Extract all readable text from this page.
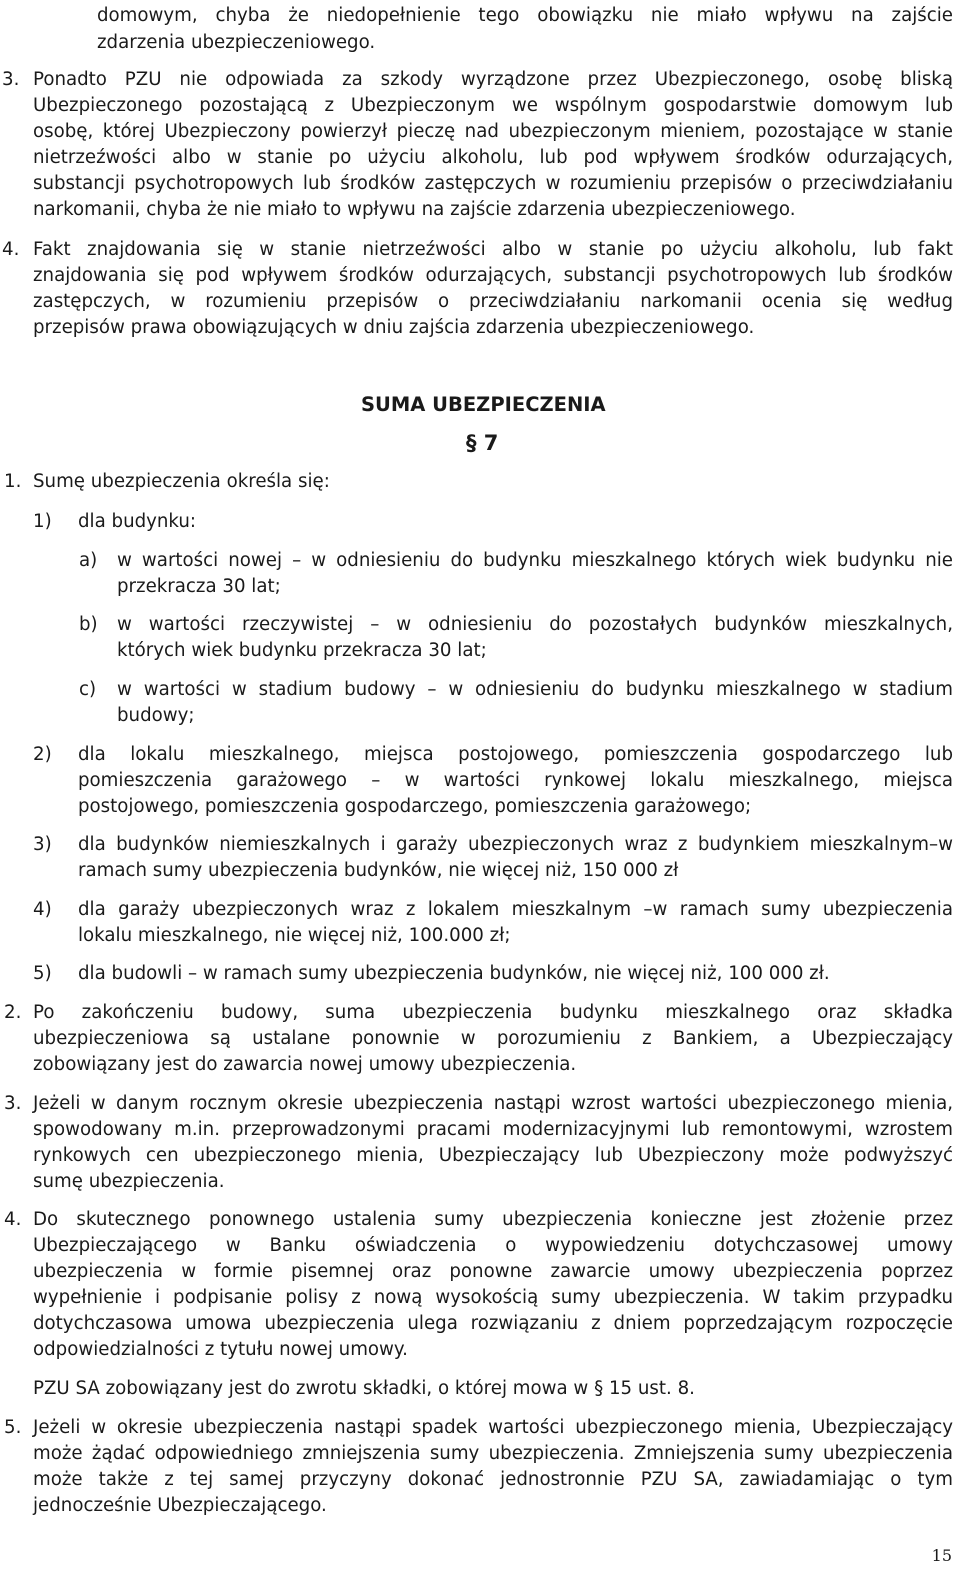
domowym, chyba że niedopełnienie tego obowiązku nie miało wpływu na zajście
zdarzenia ubezpieczeniowego.
3. Ponadto PZU nie odpowiada za szkody wyrządzone przez Ubezpieczonego, osobę bliską
Ubezpieczonego pozostającą z Ubezpieczonym we wspólnym gospodarstwie domowym lub
osobę, której Ubezpieczony powierzył pieczę nad ubezpieczonym mieniem, pozostające w stanie
nietrzeźwości albo w stanie po użyciu alkoholu, lub pod wpływem środków odurzających,
substancji psychotropowych lub środków zastępczych w rozumieniu przepisów o przeciwdziałaniu
narkomanii, chyba że nie miało to wpływu na zajście zdarzenia ubezpieczeniowego.
4. Fakt znajdowania się w stanie nietrzeźwości albo w stanie po użyciu alkoholu, lub fakt
znajdowania się pod wpływem środków odurzających, substancji psychotropowych lub środków
zastępczych, w rozumieniu przepisów o przeciwdziałaniu narkomanii ocenia się według
przepisów prawa obowiązujących w dniu zajścia zdarzenia ubezpieczeniowego.
SUMA UBEZPIECZENIA
§ 7
1. Sumę ubezpieczenia określa się:
1) dla budynku:
a) w wartości nowej – w odniesieniu do budynku mieszkalnego których wiek budynku nie
przekracza 30 lat;
b) w wartości rzeczywistej – w odniesieniu do pozostałych budynków mieszkalnych,
których wiek budynku przekracza 30 lat;
c) w wartości w stadium budowy – w odniesieniu do budynku mieszkalnego w stadium
budowy;
2) dla lokalu mieszkalnego, miejsca postojowego, pomieszczenia gospodarczego lub
pomieszczenia garażowego – w wartości rynkowej lokalu mieszkalnego, miejsca
postojowego, pomieszczenia gospodarczego, pomieszczenia garażowego;
3) dla budynków niemieszkalnych i garaży ubezpieczonych wraz z budynkiem mieszkalnym–w
ramach sumy ubezpieczenia budynków, nie więcej niż, 150 000 zł
4) dla garaży ubezpieczonych wraz z lokalem mieszkalnym –w ramach sumy ubezpieczenia
lokalu mieszkalnego, nie więcej niż, 100.000 zł;
5) dla budowli – w ramach sumy ubezpieczenia budynków, nie więcej niż, 100 000 zł.
2. Po zakończeniu budowy, suma ubezpieczenia budynku mieszkalnego oraz składka
ubezpieczeniowa są ustalane ponownie w porozumieniu z Bankiem, a Ubezpieczający
zobowiązany jest do zawarcia nowej umowy ubezpieczenia.
3. Jeżeli w danym rocznym okresie ubezpieczenia nastąpi wzrost wartości ubezpieczonego mienia,
spowodowany m.in. przeprowadzonymi pracami modernizacyjnymi lub remontowymi, wzrostem
rynkowych cen ubezpieczonego mienia, Ubezpieczający lub Ubezpieczony może podwyższyć
sumę ubezpieczenia.
4. Do skutecznego ponownego ustalenia sumy ubezpieczenia konieczne jest złożenie przez
Ubezpieczającego w Banku oświadczenia o wypowiedzeniu dotychczasowej umowy
ubezpieczenia w formie pisemnej oraz ponowne zawarcie umowy ubezpieczenia poprzez
wypełnienie i podpisanie polisy z nową wysokością sumy ubezpieczenia. W takim przypadku
dotychczasowa umowa ubezpieczenia ulega rozwiązaniu z dniem poprzedzającym rozpoczęcie
odpowiedzialności z tytułu nowej umowy.
PZU SA zobowiązany jest do zwrotu składki, o której mowa w § 15 ust. 8.
5. Jeżeli w okresie ubezpieczenia nastąpi spadek wartości ubezpieczonego mienia, Ubezpieczający
może żądać odpowiedniego zmniejszenia sumy ubezpieczenia. Zmniejszenia sumy ubezpieczenia
może także z tej samej przyczyny dokonać jednostronnie PZU SA, zawiadamiając o tym
jednocześnie Ubezpieczającego.
15
